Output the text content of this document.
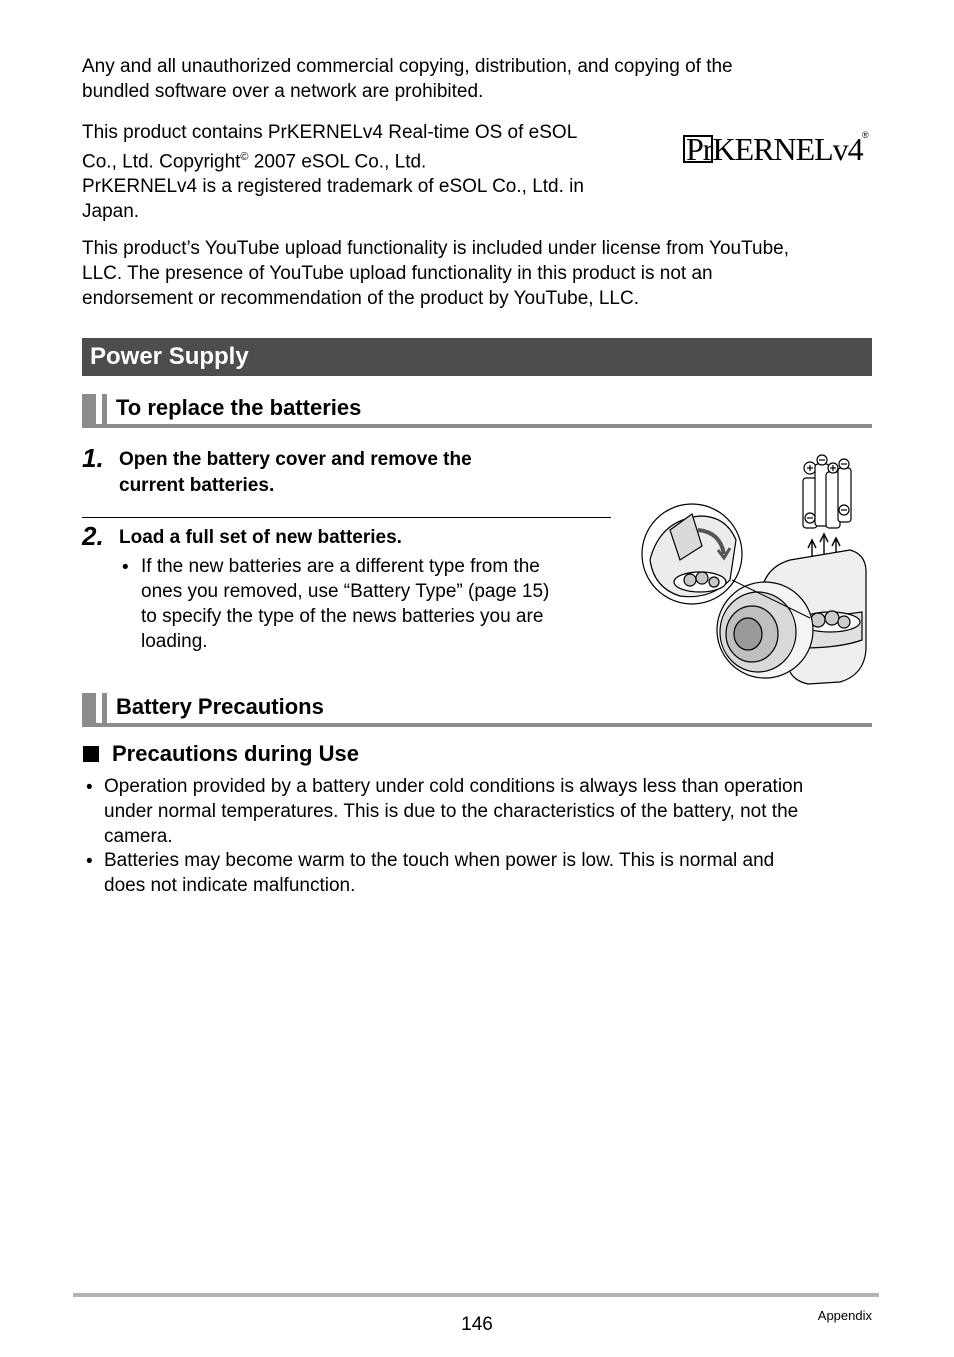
Any and all unauthorized commercial copying, distribution, and copying of the
bundled software over a network are prohibited.
This product contains PrKERNELv4 Real-time OS of eSOL
Co., Ltd. Copyright© 2007 eSOL Co., Ltd.
PrKERNELv4 is a registered trademark of eSOL Co., Ltd. in
Japan.
PrKERNELv4 ®
This product’s YouTube upload functionality is included under license from YouTube,
LLC. The presence of YouTube upload functionality in this product is not an
endorsement or recommendation of the product by YouTube, LLC.
Power Supply
To replace the batteries
1. Open the battery cover and remove the
current batteries.
2. Load a full set of new batteries.
• If the new batteries are a different type from the
ones you removed, use “Battery Type” (page 15)
to specify the type of the news batteries you are
loading.
Battery Precautions
Precautions during Use
• Operation provided by a battery under cold conditions is always less than operation
under normal temperatures. This is due to the characteristics of the battery, not the
camera.
• Batteries may become warm to the touch when power is low. This is normal and
does not indicate malfunction.
146	Appendix
